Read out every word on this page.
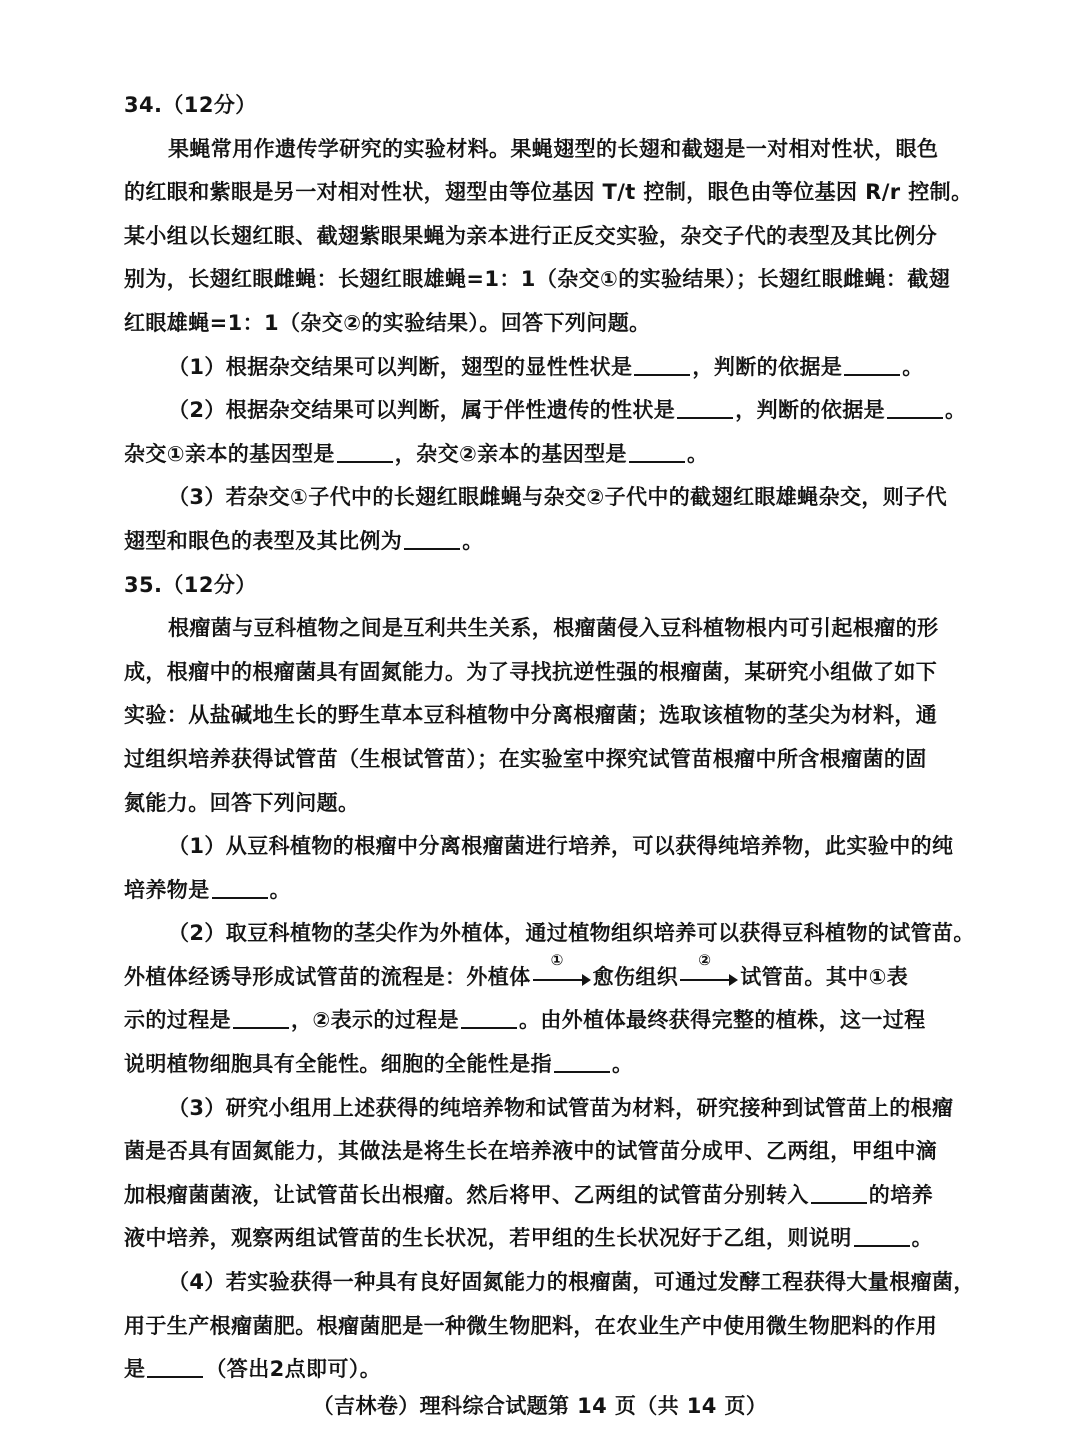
34.（12分）
果蝇常用作遗传学研究的实验材料。果蝇翅型的长翅和截翅是一对相对性状，眼色
的红眼和紫眼是另一对相对性状，翅型由等位基因 T/t 控制，眼色由等位基因 R/r 控制。
某小组以长翅红眼、截翅紫眼果蝇为亲本进行正反交实验，杂交子代的表型及其比例分
别为，长翅红眼雌蝇：长翅红眼雄蝇=1：1（杂交①的实验结果）；长翅红眼雌蝇：截翅
红眼雄蝇=1：1（杂交②的实验结果）。回答下列问题。
（1）根据杂交结果可以判断，翅型的显性性状是	，判断的依据是	。
（2）根据杂交结果可以判断，属于伴性遗传的性状是	，判断的依据是	。
杂交①亲本的基因型是	，杂交②亲本的基因型是	。
（3）若杂交①子代中的长翅红眼雌蝇与杂交②子代中的截翅红眼雄蝇杂交，则子代
翅型和眼色的表型及其比例为	。
35.（12分）
根瘤菌与豆科植物之间是互利共生关系，根瘤菌侵入豆科植物根内可引起根瘤的形
成，根瘤中的根瘤菌具有固氮能力。为了寻找抗逆性强的根瘤菌，某研究小组做了如下
实验：从盐碱地生长的野生草本豆科植物中分离根瘤菌；选取该植物的茎尖为材料，通
过组织培养获得试管苗（生根试管苗）；在实验室中探究试管苗根瘤中所含根瘤菌的固
氮能力。回答下列问题。
（1）从豆科植物的根瘤中分离根瘤菌进行培养，可以获得纯培养物，此实验中的纯
培养物是	。
（2）取豆科植物的茎尖作为外植体，通过植物组织培养可以获得豆科植物的试管苗。
外植体经诱导形成试管苗的流程是：外植体
①
愈伤组织
②
试管苗。其中①表
示的过程是	，②表示的过程是	。由外植体最终获得完整的植株，这一过程
说明植物细胞具有全能性。细胞的全能性是指	。
（3）研究小组用上述获得的纯培养物和试管苗为材料，研究接种到试管苗上的根瘤
菌是否具有固氮能力，其做法是将生长在培养液中的试管苗分成甲、乙两组，甲组中滴
加根瘤菌菌液，让试管苗长出根瘤。然后将甲、乙两组的试管苗分别转入	的培养
液中培养，观察两组试管苗的生长状况，若甲组的生长状况好于乙组，则说明	。
（4）若实验获得一种具有良好固氮能力的根瘤菌，可通过发酵工程获得大量根瘤菌，
用于生产根瘤菌肥。根瘤菌肥是一种微生物肥料，在农业生产中使用微生物肥料的作用
是	（答出2点即可）。
（吉林卷）理科综合试题第 14 页（共 14 页）
